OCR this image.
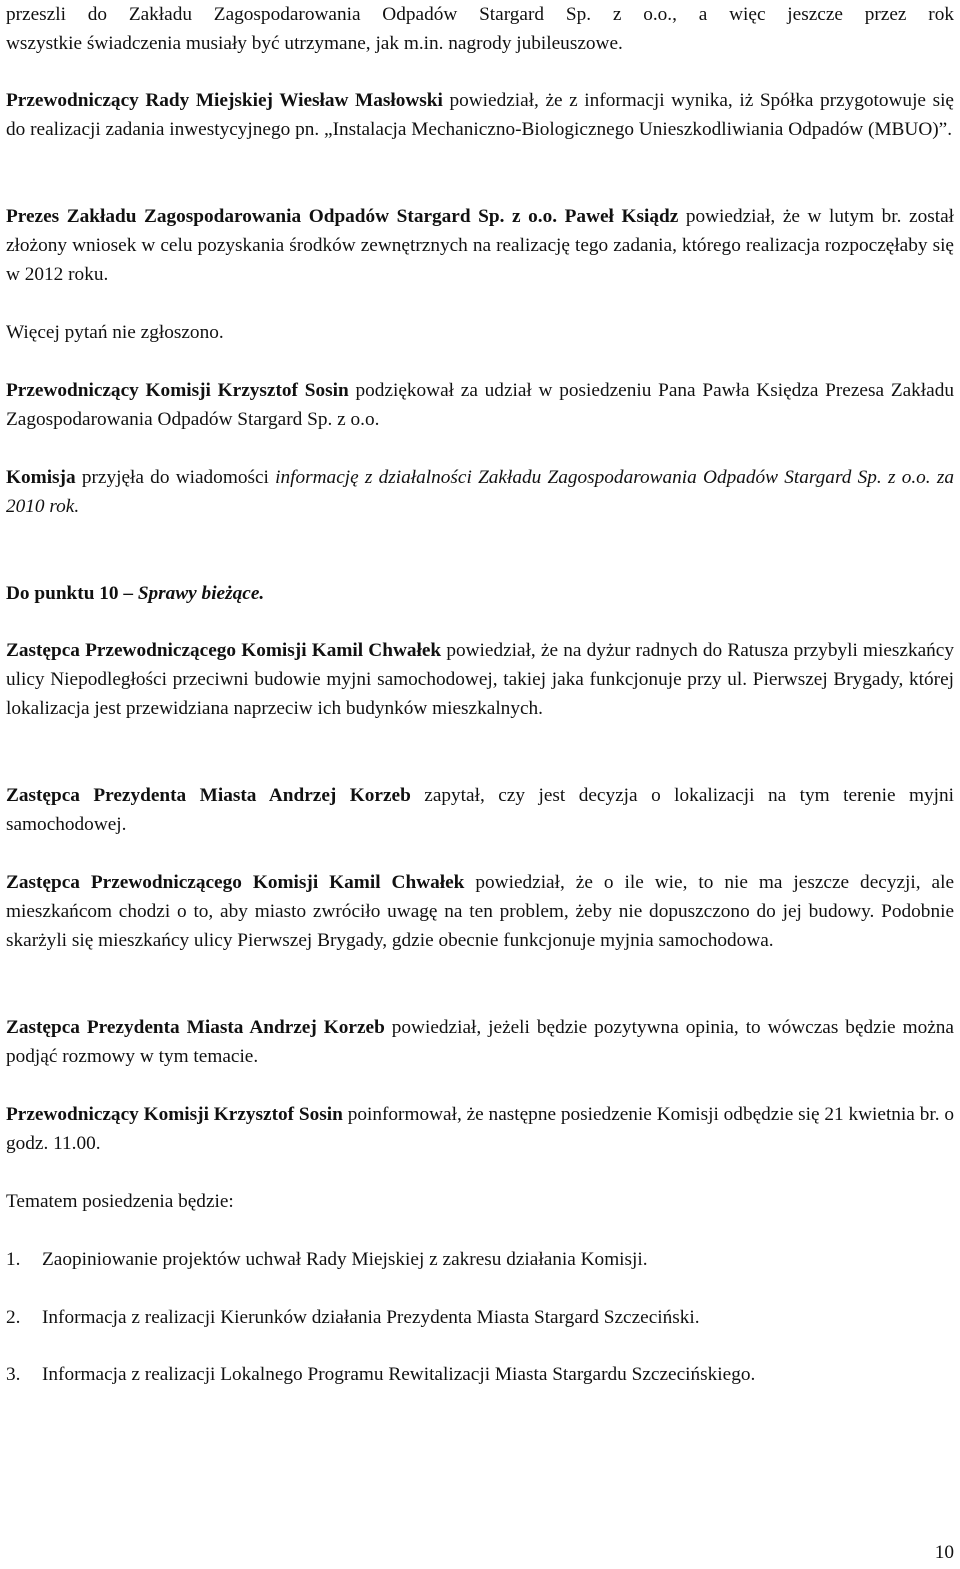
przeszli do Zakładu Zagospodarowania Odpadów Stargard Sp. z o.o., a więc jeszcze przez rok

wszystkie świadczenia musiały być utrzymane, jak m.in. nagrody jubileuszowe.

Przewodniczący Rady Miejskiej Wiesław Masłowski powiedział, że z informacji wynika, iż Spółka przygotowuje się do realizacji zadania inwestycyjnego pn. „Instalacja Mechaniczno-Biologicznego Unieszkodliwiania Odpadów (MBUO)”.

Prezes Zakładu Zagospodarowania Odpadów Stargard Sp. z o.o. Paweł Ksiądz powiedział, że w lutym br. został złożony wniosek w celu pozyskania środków zewnętrznych na realizację tego zadania, którego realizacja rozpoczęłaby się w 2012 roku.

Więcej pytań nie zgłoszono.

Przewodniczący Komisji Krzysztof Sosin podziękował za udział w posiedzeniu Pana Pawła Księdza Prezesa Zakładu Zagospodarowania Odpadów Stargard Sp. z o.o.

Komisja przyjęła do wiadomości informację z działalności Zakładu Zagospodarowania Odpadów Stargard Sp. z o.o. za 2010 rok.

Do punktu 10 – Sprawy bieżące.

Zastępca Przewodniczącego Komisji Kamil Chwałek powiedział, że na dyżur radnych do Ratusza przybyli mieszkańcy ulicy Niepodległości przeciwni budowie myjni samochodowej, takiej jaka funkcjonuje przy ul. Pierwszej Brygady, której lokalizacja jest przewidziana naprzeciw ich budynków mieszkalnych.

Zastępca Prezydenta Miasta Andrzej Korzeb zapytał, czy jest decyzja o lokalizacji na tym terenie myjni samochodowej.

Zastępca Przewodniczącego Komisji Kamil Chwałek powiedział, że o ile wie, to nie ma jeszcze decyzji, ale mieszkańcom chodzi o to, aby miasto zwróciło uwagę na ten problem, żeby nie dopuszczono do jej budowy. Podobnie skarżyli się mieszkańcy ulicy Pierwszej Brygady, gdzie obecnie funkcjonuje myjnia samochodowa.

Zastępca Prezydenta Miasta Andrzej Korzeb powiedział, jeżeli będzie pozytywna opinia, to wówczas będzie można podjąć rozmowy w tym temacie.

Przewodniczący Komisji Krzysztof Sosin poinformował, że następne posiedzenie Komisji odbędzie się 21 kwietnia br. o godz. 11.00.

Tematem posiedzenia będzie:

1. Zaopiniowanie projektów uchwał Rady Miejskiej z zakresu działania Komisji.
2. Informacja z realizacji Kierunków działania Prezydenta Miasta Stargard Szczeciński.
3. Informacja z realizacji Lokalnego Programu Rewitalizacji Miasta Stargardu Szczecińskiego.
10
